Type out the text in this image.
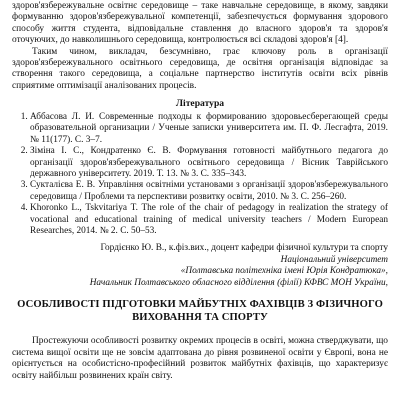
здоров'язбережувальне освітнє середовище – таке навчальне середовище, в якому, завдяки формуванню здоров'язбережувальної компетенції, забезпечується формування здорового способу життя студента, відповідальне ставлення до власного здоров'я та здоров'я оточуючих, до навколишнього середовища, контролюється всі складові здоров'я [4].

Таким чином, викладач, безсумнівно, грає ключову роль в організації здоров'язбережувального освітнього середовища, де освітня організація відповідає за створення такого середовища, а соціальне партнерство інститутів освіти всіх рівнів сприятиме оптимізації аналізованих процесів.

Література

1. Аббасова Л. И. Современные подходы к формированию здоровьесберегающей среды образовательной организации / Ученые записки университета им. П. Ф. Лесгафта, 2019. № 11(177). С. 3–7.
2. Зіміна І. С., Кондратенко Є. В. Формування готовності майбутнього педагога до організації здоров'язбережувального освітнього середовища / Вісник Таврійського державного університету. 2019. Т. 13. № 3. С. 335–343.
3. Сукталієва Е. В. Управління освітніми установами з організації здоров'язбережувального середовища / Проблеми та перспективи розвитку освіти, 2010. № 3. С. 256–260.
4. Khoronko L., Tskvitariya T. The role of the chair of pedagogy in realization the strategy of vocational and educational training of medical university teachers / Modern European Researches, 2014. № 2. С. 50–53.

Гордієнко Ю. В., к.фіз.вих., доцент кафедри фізичної культури та спорту

Національний університет

«Полтавська політехніка імені Юрія Кондратюка»,

Начальник Полтавського обласного відділення (філії) КФВС МОН України,

ОСОБЛИВОСТІ ПІДГОТОВКИ МАЙБУТНІХ ФАХІВЦІВ З ФІЗИЧНОГО

ВИХОВАННЯ ТА СПОРТУ

Простежуючи особливості розвитку окремих процесів в освіті, можна стверджувати, що система вищої освіти ще не зовсім адаптована до рівня розвиненої освіти у Європі, вона не орієнтується на особистісно-професійний розвиток майбутніх фахівців, що характеризує освіту найбільш розвинених країн світу.
